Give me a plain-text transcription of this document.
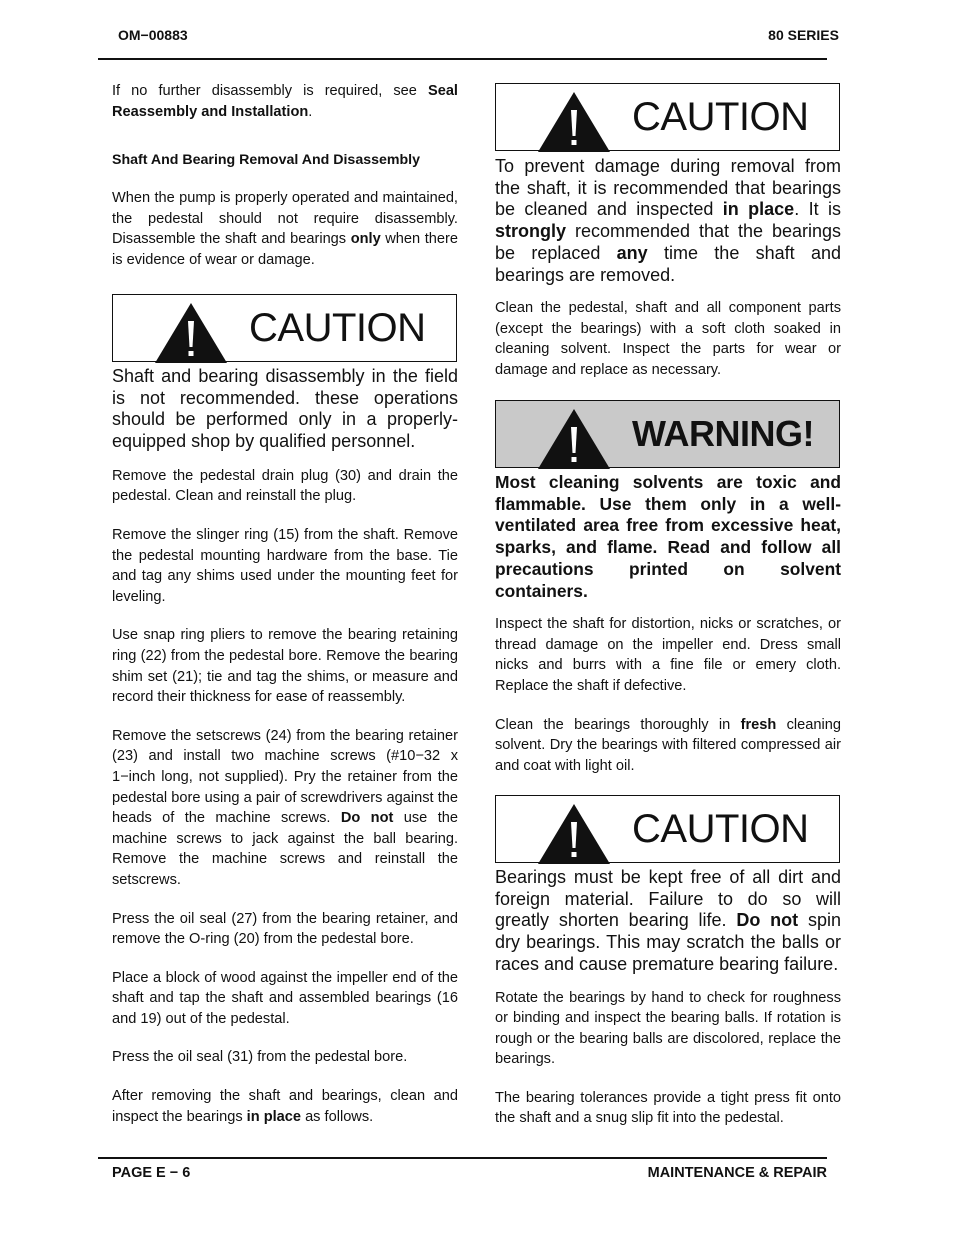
OM−00883	80 SERIES

If no further disassembly is required, see Seal Reassembly and Installation.

Shaft And Bearing Removal And Disassembly

When the pump is properly operated and maintained, the pedestal should not require disassembly. Disassemble the shaft and bearings only when there is evidence of wear or damage.

CAUTION

Shaft and bearing disassembly in the field is not recommended. these operations should be performed only in a properly-equipped shop by qualified personnel.

Remove the pedestal drain plug (30) and drain the pedestal. Clean and reinstall the plug.

Remove the slinger ring (15) from the shaft. Remove the pedestal mounting hardware from the base. Tie and tag any shims used under the mounting feet for leveling.

Use snap ring pliers to remove the bearing retaining ring (22) from the pedestal bore. Remove the bearing shim set (21); tie and tag the shims, or measure and record their thickness for ease of reassembly.

Remove the setscrews (24) from the bearing retainer (23) and install two machine screws (#10−32 x 1−inch long, not supplied). Pry the retainer from the pedestal bore using a pair of screwdrivers against the heads of the machine screws. Do not use the machine screws to jack against the ball bearing. Remove the machine screws and reinstall the setscrews.

Press the oil seal (27) from the bearing retainer, and remove the O-ring (20) from the pedestal bore.

Place a block of wood against the impeller end of the shaft and tap the shaft and assembled bearings (16 and 19) out of the pedestal.

Press the oil seal (31) from the pedestal bore.

After removing the shaft and bearings, clean and inspect the bearings in place as follows.

CAUTION

To prevent damage during removal from the shaft, it is recommended that bearings be cleaned and inspected in place. It is strongly recommended that the bearings be replaced any time the shaft and bearings are removed.

Clean the pedestal, shaft and all component parts (except the bearings) with a soft cloth soaked in cleaning solvent. Inspect the parts for wear or damage and replace as necessary.

WARNING!

Most cleaning solvents are toxic and flammable. Use them only in a well-ventilated area free from excessive heat, sparks, and flame. Read and follow all precautions printed on solvent containers.

Inspect the shaft for distortion, nicks or scratches, or thread damage on the impeller end. Dress small nicks and burrs with a fine file or emery cloth. Replace the shaft if defective.

Clean the bearings thoroughly in fresh cleaning solvent. Dry the bearings with filtered compressed air and coat with light oil.

CAUTION

Bearings must be kept free of all dirt and foreign material. Failure to do so will greatly shorten bearing life. Do not spin dry bearings. This may scratch the balls or races and cause premature bearing failure.

Rotate the bearings by hand to check for roughness or binding and inspect the bearing balls. If rotation is rough or the bearing balls are discolored, replace the bearings.

The bearing tolerances provide a tight press fit onto the shaft and a snug slip fit into the pedestal.

PAGE E − 6	MAINTENANCE & REPAIR
